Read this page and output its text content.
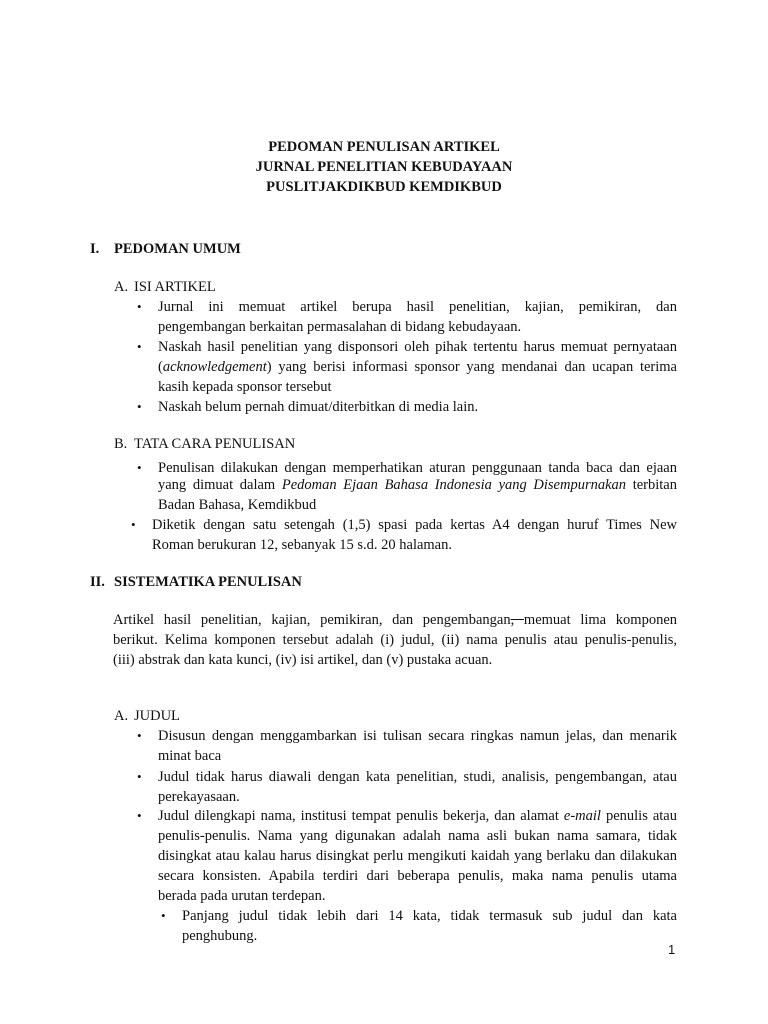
PEDOMAN PENULISAN ARTIKEL
JURNAL PENELITIAN KEBUDAYAAN
PUSLITJAKDIKBUD KEMDIKBUD
I. PEDOMAN UMUM
A. ISI ARTIKEL
• Jurnal ini memuat artikel berupa hasil penelitian, kajian, pemikiran, dan
pengembangan berkaitan permasalahan di bidang kebudayaan.
• Naskah hasil penelitian yang disponsori oleh pihak tertentu harus memuat pernyataan
(acknowledgement) yang berisi informasi sponsor yang mendanai dan ucapan terima
kasih kepada sponsor tersebut
• Naskah belum pernah dimuat/diterbitkan di media lain.
B. TATA CARA PENULISAN
• Penulisan dilakukan dengan memperhatikan aturan penggunaan tanda baca dan ejaan
yang dimuat dalam Pedoman Ejaan Bahasa Indonesia yang Disempurnakan terbitan
Badan Bahasa, Kemdikbud
• Diketik dengan satu setengah (1,5) spasi pada kertas A4 dengan huruf Times New
Roman berukuran 12, sebanyak 15 s.d. 20 halaman.
II. SISTEMATIKA PENULISAN
Artikel hasil penelitian, kajian, pemikiran, dan pengembangan, memuat lima komponen
berikut. Kelima komponen tersebut adalah (i) judul, (ii) nama penulis atau penulis-penulis,
(iii) abstrak dan kata kunci, (iv) isi artikel, dan (v) pustaka acuan.
A. JUDUL
• Disusun dengan menggambarkan isi tulisan secara ringkas namun jelas, dan menarik
minat baca
• Judul tidak harus diawali dengan kata penelitian, studi, analisis, pengembangan, atau
perekayasaan.
• Judul dilengkapi nama, institusi tempat penulis bekerja, dan alamat e-mail penulis atau
penulis-penulis. Nama yang digunakan adalah nama asli bukan nama samara, tidak
disingkat atau kalau harus disingkat perlu mengikuti kaidah yang berlaku dan dilakukan
secara konsisten. Apabila terdiri dari beberapa penulis, maka nama penulis utama
berada pada urutan terdepan.
• Panjang judul tidak lebih dari 14 kata, tidak termasuk sub judul dan kata
penghubung.
1
